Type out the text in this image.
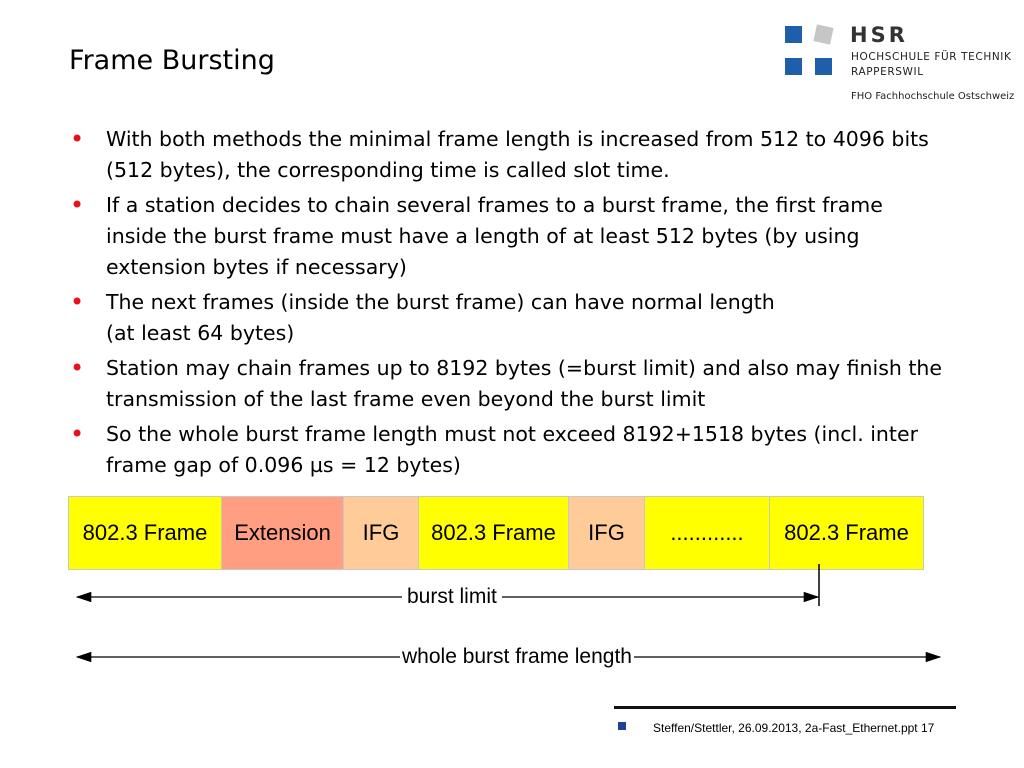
Frame Bursting
HSR
HOCHSCHULE FÜR TECHNIK
RAPPERSWIL
FHO Fachhochschule Ostschweiz
• With both methods the minimal frame length is increased from 512 to 4096 bits (512 bytes), the corresponding time is called slot time.
• If a station decides to chain several frames to a burst frame, the first frame inside the burst frame must have a length of at least 512 bytes (by using extension bytes if necessary)
• The next frames (inside the burst frame) can have normal length
(at least 64 bytes)
• Station may chain frames up to 8192 bytes (=burst limit) and also may finish the transmission of the last frame even beyond the burst limit
• So the whole burst frame length must not exceed 8192+1518 bytes (incl. inter frame gap of 0.096 µs = 12 bytes)
802.3 Frame	Extension	IFG	802.3 Frame	IFG	............	802.3 Frame
burst limit
whole burst frame length
Steffen/Stettler, 26.09.2013, 2a-Fast_Ethernet.ppt 17
